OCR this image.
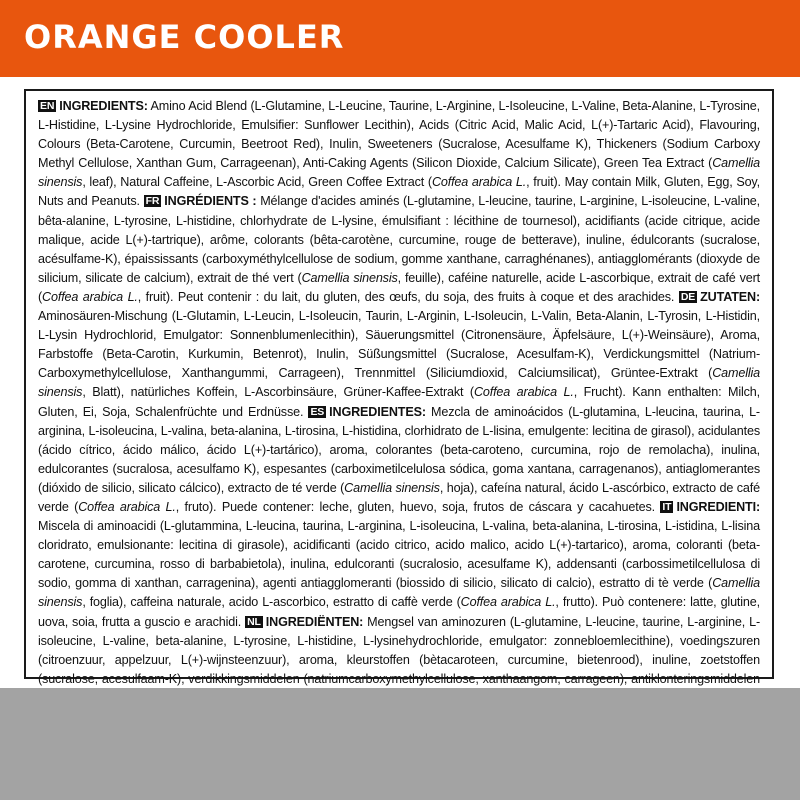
ORANGE COOLER
EN INGREDIENTS: Amino Acid Blend (L-Glutamine, L-Leucine, Taurine, L-Arginine, L-Isoleucine, L-Valine, Beta-Alanine, L-Tyrosine, L-Histidine, L-Lysine Hydrochloride, Emulsifier: Sunflower Lecithin), Acids (Citric Acid, Malic Acid, L(+)-Tartaric Acid), Flavouring, Colours (Beta-Carotene, Curcumin, Beetroot Red), Inulin, Sweeteners (Sucralose, Acesulfame K), Thickeners (Sodium Carboxy Methyl Cellulose, Xanthan Gum, Carrageenan), Anti-Caking Agents (Silicon Dioxide, Calcium Silicate), Green Tea Extract (Camellia sinensis, leaf), Natural Caffeine, L-Ascorbic Acid, Green Coffee Extract (Coffea arabica L., fruit). May contain Milk, Gluten, Egg, Soy, Nuts and Peanuts. FR INGRÉDIENTS : Mélange d'acides aminés (L-glutamine, L-leucine, taurine, L-arginine, L-isoleucine, L-valine, bêta-alanine, L-tyrosine, L-histidine, chlorhydrate de L-lysine, émulsifiant : lécithine de tournesol), acidifiants (acide citrique, acide malique, acide L(+)-tartrique), arôme, colorants (bêta-carotène, curcumine, rouge de betterave), inuline, édulcorants (sucralose, acésulfame-K), épaississants (carboxyméthylcellulose de sodium, gomme xanthane, carraghénanes), antiagglomérants (dioxyde de silicium, silicate de calcium), extrait de thé vert (Camellia sinensis, feuille), caféine naturelle, acide L-ascorbique, extrait de café vert (Coffea arabica L., fruit). Peut contenir : du lait, du gluten, des œufs, du soja, des fruits à coque et des arachides. DE ZUTATEN: Aminosäuren-Mischung (L-Glutamin, L-Leucin, L-Isoleucin, Taurin, L-Arginin, L-Isoleucin, L-Valin, Beta-Alanin, L-Tyrosin, L-Histidin, L-Lysin Hydrochlorid, Emulgator: Sonnenblumenlecithin), Säuerungsmittel (Citronensäure, Äpfelsäure, L(+)-Weinsäure), Aroma, Farbstoffe (Beta-Carotin, Kurkumin, Betenrot), Inulin, Süßungsmittel (Sucralose, Acesulfam-K), Verdickungsmittel (Natrium-Carboxymethylcellulose, Xanthangummi, Carrageen), Trennmittel (Siliciumdioxid, Calciumsilicat), Grüntee-Extrakt (Camellia sinensis, Blatt), natürliches Koffein, L-Ascorbinsäure, Grüner-Kaffee-Extrakt (Coffea arabica L., Frucht). Kann enthalten: Milch, Gluten, Ei, Soja, Schalenfrüchte und Erdnüsse. ES INGREDIENTES: Mezcla de aminoácidos (L-glutamina, L-leucina, taurina, L-arginina, L-isoleucina, L-valina, beta-alanina, L-tirosina, L-histidina, clorhidrato de L-lisina, emulgente: lecitina de girasol), acidulantes (ácido cítrico, ácido málico, ácido L(+)-tartárico), aroma, colorantes (beta-caroteno, curcumina, rojo de remolacha), inulina, edulcorantes (sucralosa, acesulfamo K), espesantes (carboximetilcelulosa sódica, goma xantana, carragenanos), antiaglomerantes (dióxido de silicio, silicato cálcico), extracto de té verde (Camellia sinensis, hoja), cafeína natural, ácido L-ascórbico, extracto de café verde (Coffea arabica L., fruto). Puede contener: leche, gluten, huevo, soja, frutos de cáscara y cacahuetes. IT INGREDIENTI: Miscela di aminoacidi (L-glutammina, L-leucina, taurina, L-arginina, L-isoleucina, L-valina, beta-alanina, L-tirosina, L-istidina, L-lisina cloridrato, emulsionante: lecitina di girasole), acidificanti (acido citrico, acido malico, acido L(+)-tartarico), aroma, coloranti (beta-carotene, curcumina, rosso di barbabietola), inulina, edulcoranti (sucralosio, acesulfame K), addensanti (carbossimetilcellulosa di sodio, gomma di xanthan, carragenina), agenti antiagglomeranti (biossido di silicio, silicato di calcio), estratto di tè verde (Camellia sinensis, foglia), caffeina naturale, acido L-ascorbico, estratto di caffè verde (Coffea arabica L., frutto). Può contenere: latte, glutine, uova, soia, frutta a guscio e arachidi. NL INGREDIËNTEN: Mengsel van aminozuren (L-glutamine, L-leucine, taurine, L-arginine, L-isoleucine, L-valine, beta-alanine, L-tyrosine, L-histidine, L-lysinehydrochloride, emulgator: zonnebloemlecithine), voedingszuren (citroenzuur, appelzuur, L(+)-wijnsteenzuur), aroma, kleurstoffen (bètacaroteen, curcumine, bietenrood), inuline, zoetstoffen (sucralose, acesulfaam-K), verdikkingsmiddelen (natriumcarboxymethylcellulose, xanthaangom, carrageen), antiklonteringsmiddelen
